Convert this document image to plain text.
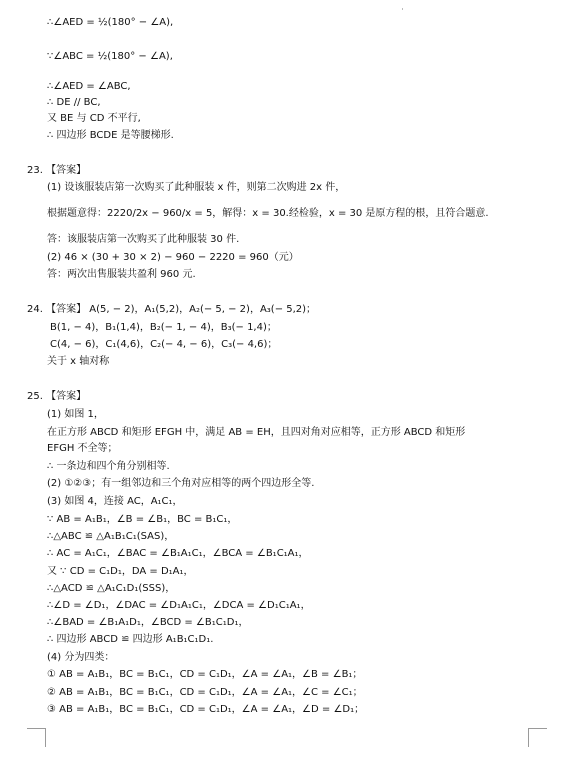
∴∠AED = ½(180° − ∠A),
∵∠ABC = ½(180° − ∠A),
∴∠AED = ∠ABC,
∴ DE // BC,
又 BE 与 CD 不平行,
∴ 四边形 BCDE 是等腰梯形.
23. 【答案】
(1) 设该服装店第一次购买了此种服装 x 件，则第二次购进 2x 件，
根据题意得：2220/2x − 960/x = 5，解得：x = 30.经检验，x = 30 是原方程的根，且符合题意.
答：该服装店第一次购买了此种服装 30 件.
(2) 46 × (30 + 30 × 2) − 960 − 2220 = 960（元）
答：两次出售服装共盈利 960 元.
24. 【答案】 A(5, − 2)，A₁(5,2)，A₂(− 5, − 2)，A₃(− 5,2)；
B(1, − 4)，B₁(1,4)，B₂(− 1, − 4)，B₃(− 1,4)；
C(4, − 6)，C₁(4,6)，C₂(− 4, − 6)，C₃(− 4,6)；
关于 x 轴对称
25. 【答案】
(1) 如图 1，
在正方形 ABCD 和矩形 EFGH 中，满足 AB = EH，且四对角对应相等，正方形 ABCD 和矩形
EFGH 不全等；
∴ 一条边和四个角分别相等.
(2) ①②③；有一组邻边和三个角对应相等的两个四边形全等.
(3) 如图 4，连接 AC，A₁C₁，
∵ AB = A₁B₁，∠B = ∠B₁，BC = B₁C₁，
∴△ABC ≌ △A₁B₁C₁(SAS)，
∴ AC = A₁C₁，∠BAC = ∠B₁A₁C₁，∠BCA = ∠B₁C₁A₁，
又 ∵ CD = C₁D₁，DA = D₁A₁，
∴△ACD ≌ △A₁C₁D₁(SSS)，
∴∠D = ∠D₁，∠DAC = ∠D₁A₁C₁，∠DCA = ∠D₁C₁A₁，
∴∠BAD = ∠B₁A₁D₁，∠BCD = ∠B₁C₁D₁，
∴ 四边形 ABCD ≌ 四边形 A₁B₁C₁D₁.
(4) 分为四类：
① AB = A₁B₁，BC = B₁C₁，CD = C₁D₁，∠A = ∠A₁，∠B = ∠B₁；
② AB = A₁B₁，BC = B₁C₁，CD = C₁D₁，∠A = ∠A₁，∠C = ∠C₁；
③ AB = A₁B₁，BC = B₁C₁，CD = C₁D₁，∠A = ∠A₁，∠D = ∠D₁；
